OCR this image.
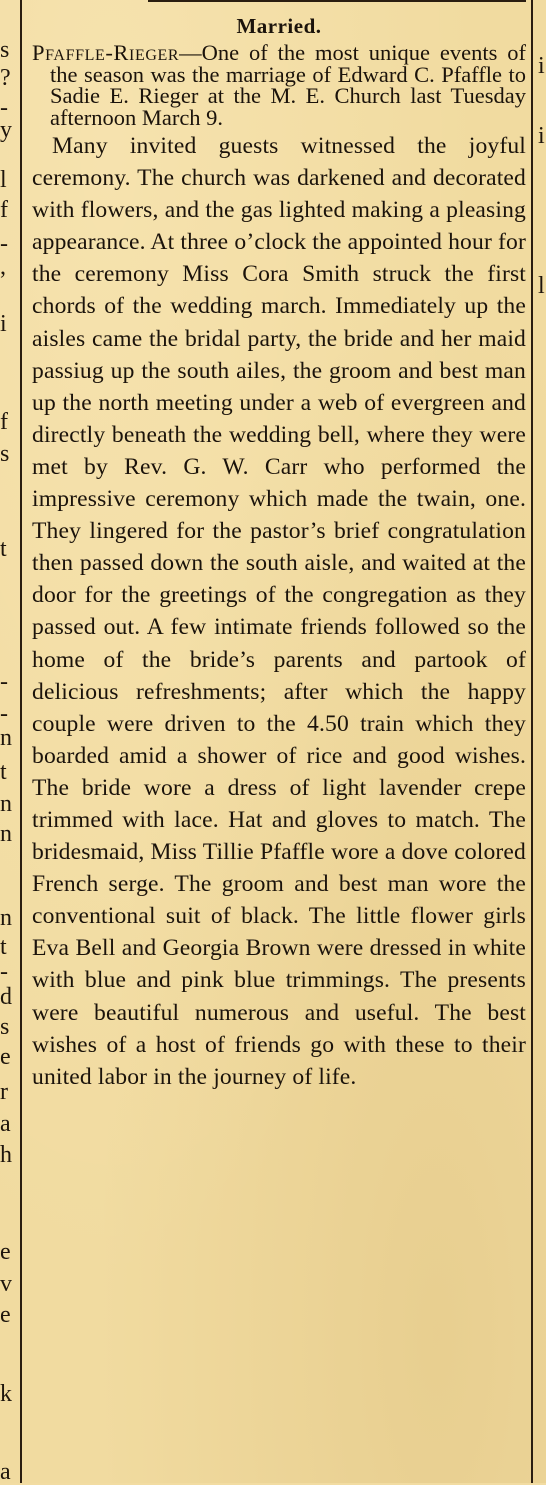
s
?
-
y
l
f
-
,
i
f
s
t
-
-
n
t
n
n
n
t
-
d
s
e
r
a
h
e
v
e
k
a
i
i
l
Married.

Pfaffle-Rieger—One of the most unique events of the season was the marriage of Edward C. Pfaffle to Sadie E. Rieger at the M. E. Church last Tuesday afternoon March 9.

Many invited guests witnessed the joyful ceremony. The church was darkened and decorated with flowers, and the gas lighted making a pleasing appearance. At three o’clock the appointed hour for the ceremony Miss Cora Smith struck the first chords of the wedding march. Immediately up the aisles came the bridal party, the bride and her maid passiug up the south ailes, the groom and best man up the north meeting under a web of evergreen and directly beneath the wedding bell, where they were met by Rev. G. W. Carr who performed the impressive ceremony which made the twain, one. They lingered for the pastor’s brief congratulation then passed down the south aisle, and waited at the door for the greetings of the congregation as they passed out. A few intimate friends followed so the home of the bride’s parents and partook of delicious refreshments; after which the happy couple were driven to the 4.50 train which they boarded amid a shower of rice and good wishes. The bride wore a dress of light lavender crepe trimmed with lace. Hat and gloves to match. The bridesmaid, Miss Tillie Pfaffle wore a dove colored French serge. The groom and best man wore the conventional suit of black. The little flower girls Eva Bell and Georgia Brown were dressed in white with blue and pink blue trimmings. The presents were beautiful numerous and useful. The best wishes of a host of friends go with these to their united labor in the journey of life.
